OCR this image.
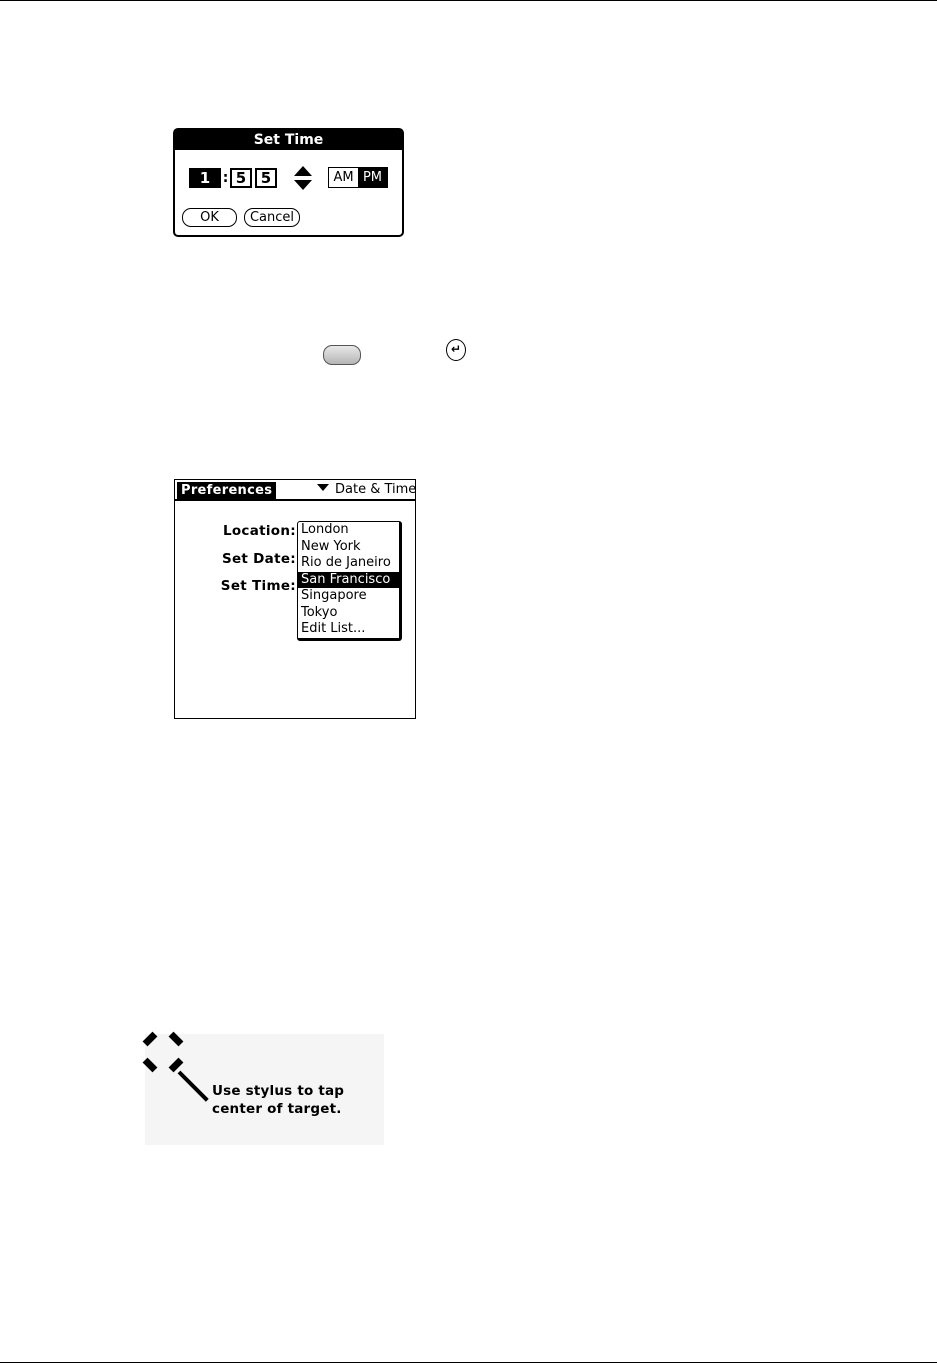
Set Time
1 : 5 5	AM PM
OK	Cancel
↵
Preferences	Date & Time
Location:
Set Date:
Set Time:
London
New York
Rio de Janeiro
San Francisco
Singapore
Tokyo
Edit List...
Use stylus to tap
center of target.
